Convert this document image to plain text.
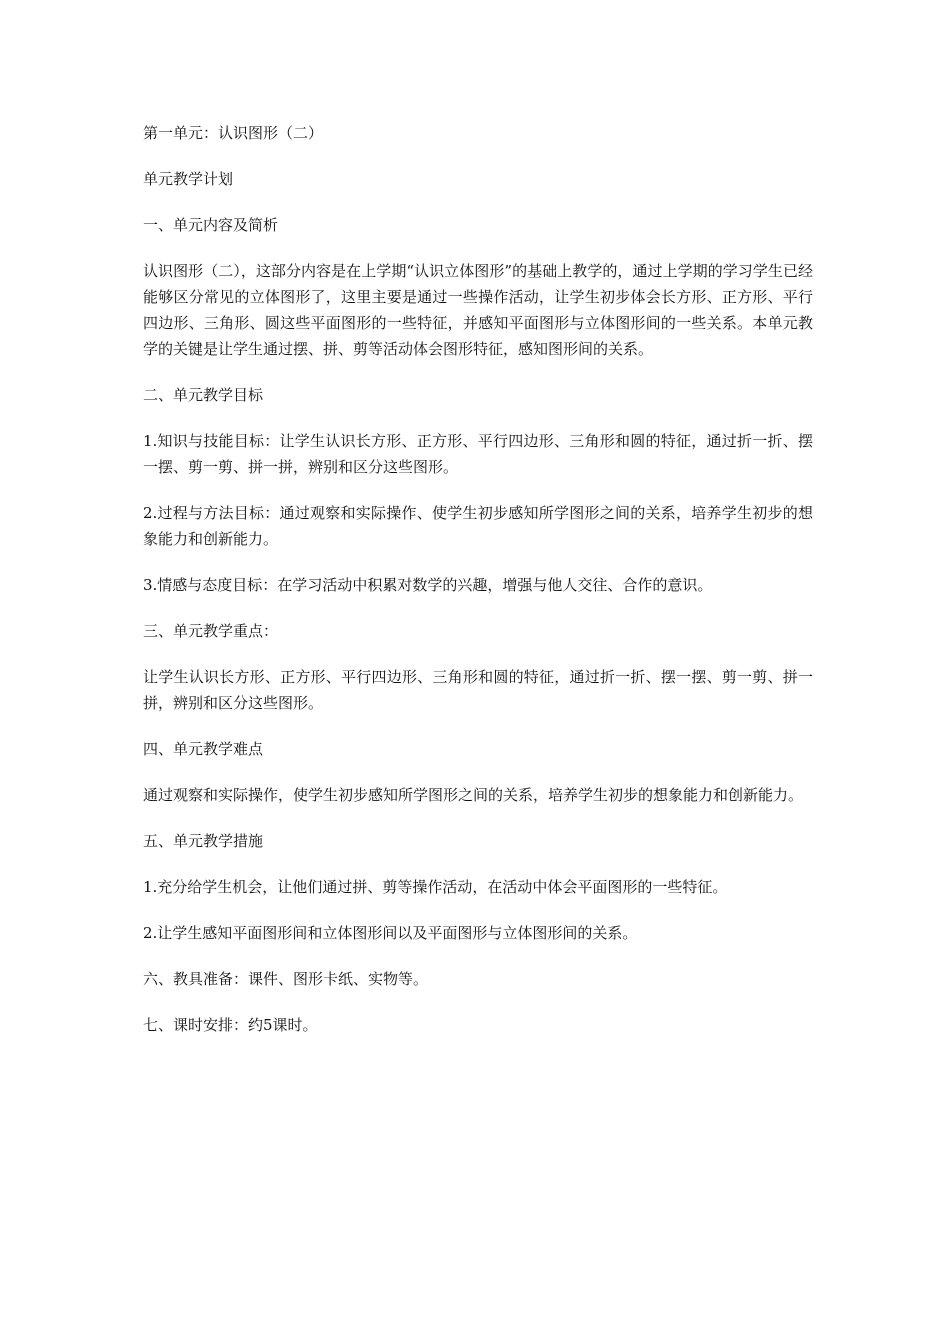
第一单元：认识图形（二）

单元教学计划

一、单元内容及简析

认识图形（二），这部分内容是在上学期“认识立体图形”的基础上教学的，通过上学期的学习学生已经能够区分常见的立体图形了，这里主要是通过一些操作活动，让学生初步体会长方形、正方形、平行四边形、三角形、圆这些平面图形的一些特征，并感知平面图形与立体图形间的一些关系。本单元教学的关键是让学生通过摆、拼、剪等活动体会图形特征，感知图形间的关系。

二、单元教学目标

1.知识与技能目标：让学生认识长方形、正方形、平行四边形、三角形和圆的特征，通过折一折、摆一摆、剪一剪、拼一拼，辨别和区分这些图形。

2.过程与方法目标：通过观察和实际操作、使学生初步感知所学图形之间的关系，培养学生初步的想象能力和创新能力。

3.情感与态度目标：在学习活动中积累对数学的兴趣，增强与他人交往、合作的意识。

三、单元教学重点：

让学生认识长方形、正方形、平行四边形、三角形和圆的特征，通过折一折、摆一摆、剪一剪、拼一拼，辨别和区分这些图形。

四、单元教学难点

通过观察和实际操作，使学生初步感知所学图形之间的关系，培养学生初步的想象能力和创新能力。

五、单元教学措施

1.充分给学生机会，让他们通过拼、剪等操作活动，在活动中体会平面图形的一些特征。

2.让学生感知平面图形间和立体图形间以及平面图形与立体图形间的关系。

六、教具准备：课件、图形卡纸、实物等。

七、课时安排：约5课时。
